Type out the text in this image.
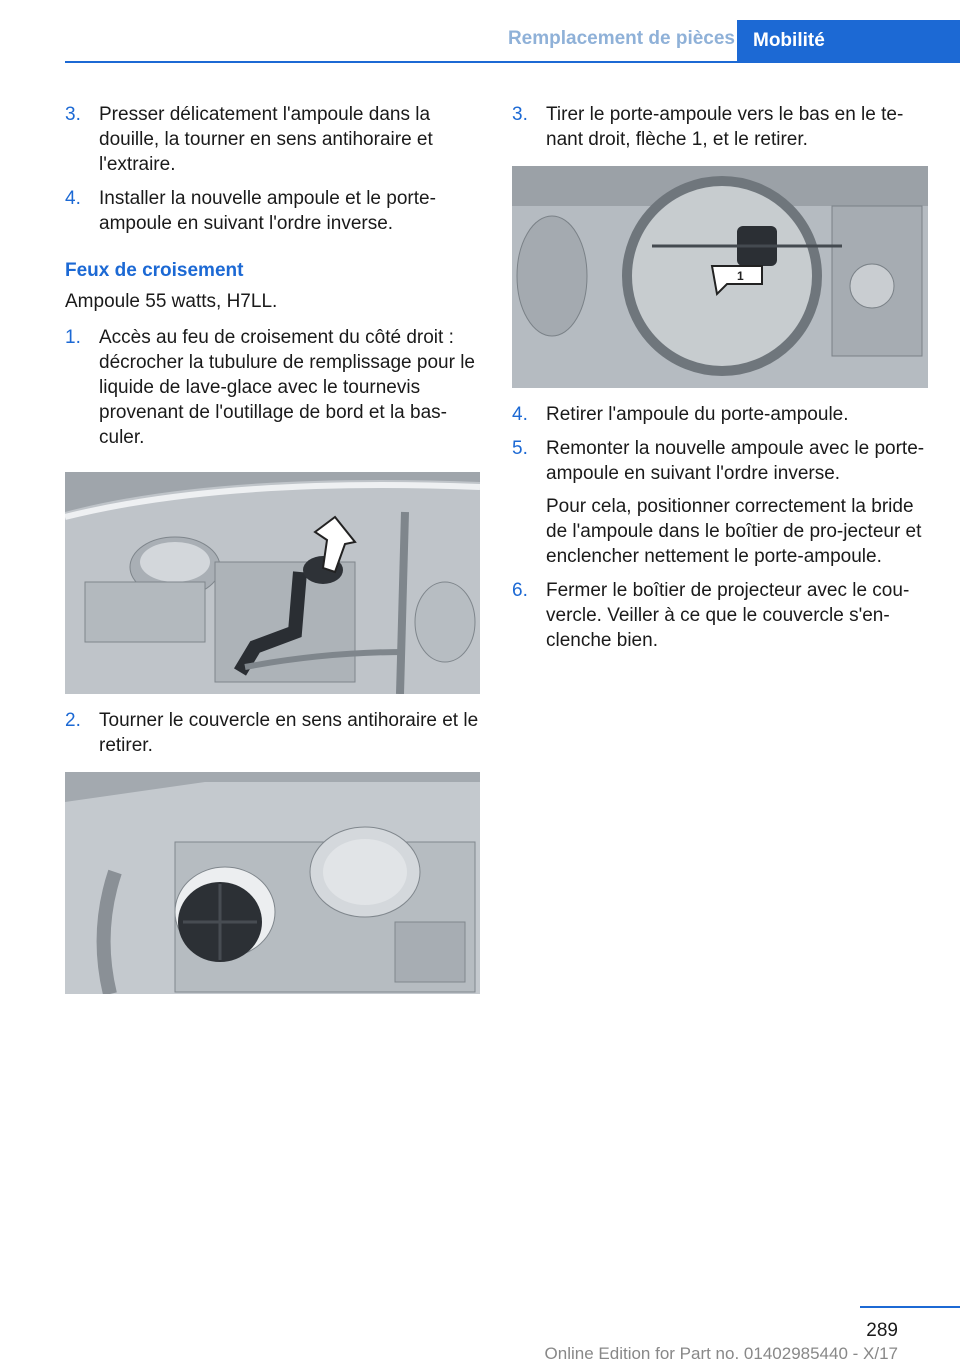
Remplacement de pièces Mobilité
3. Presser délicatement l'ampoule dans la douille, la tourner en sens antihoraire et l'extraire.
4. Installer la nouvelle ampoule et le porte-ampoule en suivant l'ordre inverse.
Feux de croisement
Ampoule 55 watts, H7LL.
1. Accès au feu de croisement du côté droit : décrocher la tubulure de remplissage pour le liquide de lave-glace avec le tournevis provenant de l'outillage de bord et la bas-culer.
2. Tourner le couvercle en sens antihoraire et le retirer.
3. Tirer le porte-ampoule vers le bas en le te-nant droit, flèche 1, et le retirer.
1
4. Retirer l'ampoule du porte-ampoule.
5. Remonter la nouvelle ampoule avec le porte-ampoule en suivant l'ordre inverse.
Pour cela, positionner correctement la bride de l'ampoule dans le boîtier de pro-jecteur et enclencher nettement le porte-ampoule.
6. Fermer le boîtier de projecteur avec le cou-vercle. Veiller à ce que le couvercle s'en-clenche bien.
289
Online Edition for Part no. 01402985440 - X/17
